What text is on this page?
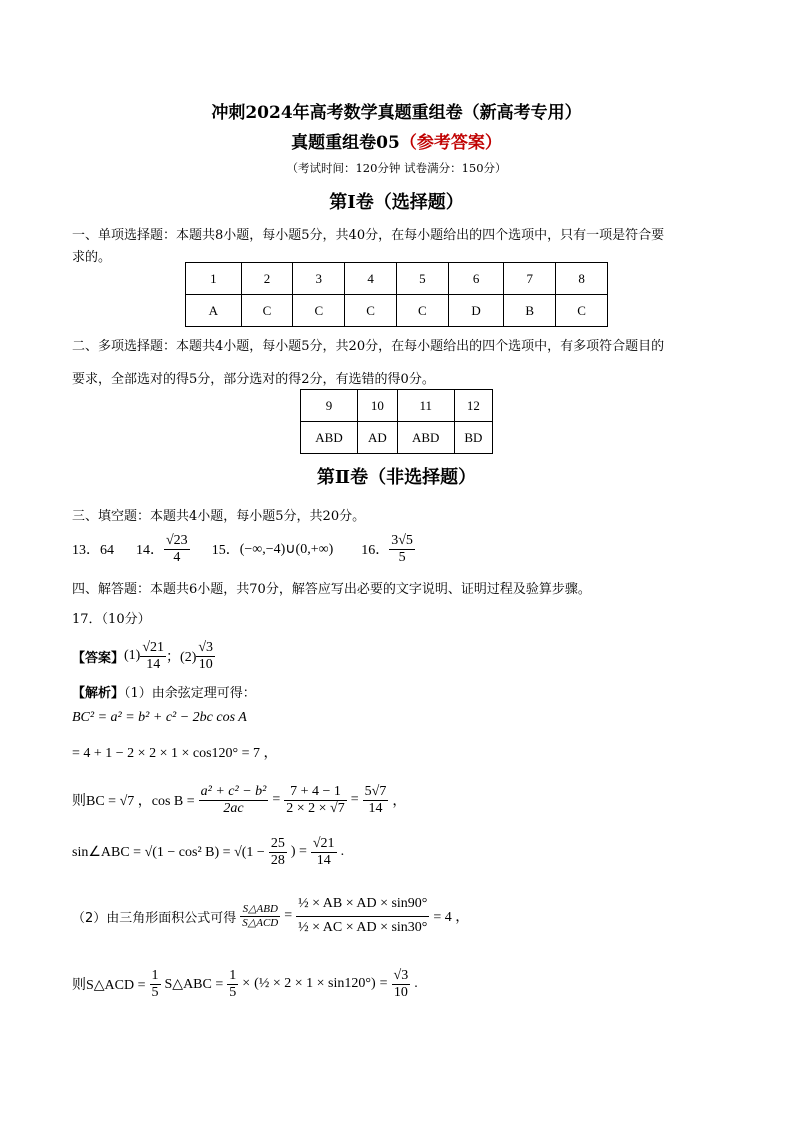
冲刺2024年高考数学真题重组卷（新高考专用）
真题重组卷05（参考答案）
（考试时间：120分钟 试卷满分：150分）
第Ⅰ卷（选择题）
一、单项选择题：本题共8小题，每小题5分，共40分，在每小题给出的四个选项中，只有一项是符合要
求的。
1	2	3	4	5	6	7	8
A	C	C	C	C	D	B	C
二、多项选择题：本题共4小题，每小题5分，共20分，在每小题给出的四个选项中，有多项符合题目的
要求，全部选对的得5分，部分选对的得2分，有选错的得0分。
9	10	11	12
ABD	AD	ABD	BD
第Ⅱ卷（非选择题）
三、填空题：本题共4小题，每小题5分，共20分。
13．64 14． $\frac{√23}{4} 15$． (−∞,−4)∪(0,+∞) 16． $\frac{3√5}{5}$
四、解答题：本题共6小题，共70分，解答应写出必要的文字说明、证明过程及验算步骤。
17．（10分）
【答案】 $(1) \frac{√21}{14}$ ；$(2) \frac{√3}{10}$
【解析】（1）由余弦定理可得：
BC² = a² = b² + c² − 2bc cos A
= 4 + 1 − 2 × 2 × 1 × cos120° = 7 ，
则BC = √7 ，$\cos B = \frac{\text{a² + c² − b²}}{2ac} = \frac{7 + 4 - 1}{2 \times 2 \times √7} = \frac{5√7}{14}$ ，
sin∠ABC = √(1 − cos² $B) = √(1 - \frac{25}{28}$ ) = $\frac{√21}{14}$ .
（2）由三角形面积公式可得 $\frac{\text{S△ABD}}{\text{S△ACD}} = \frac{\text{½ × AB × AD × sin90°}}{\text{½ × AC × AD × sin30°}} = 4$ ，
则S△ACD = $\frac{1}{5}$ S△ABC = $\frac{1}{5}$ × (½ × $2 \times 1 \times \sin 120^\circ) = \frac{√3}{10}$ .
